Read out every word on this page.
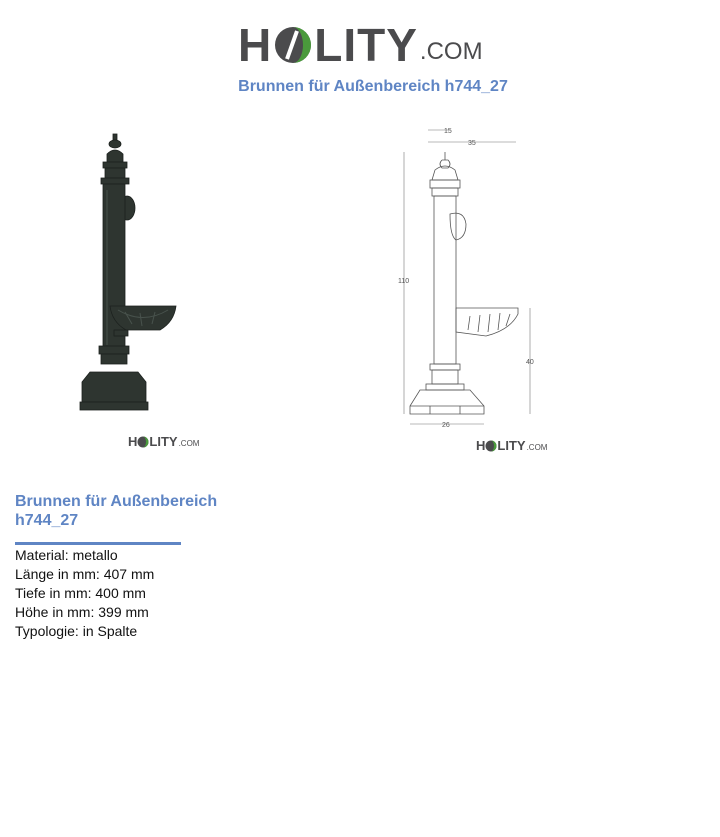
H LITY .COM
Brunnen für Außenbereich h744_27
15
35
110
40
26
H LITY .COM	H LITY .COM
Brunnen für Außenbereich h744_27
Material: metallo
Länge in mm: 407 mm
Tiefe in mm: 400 mm
Höhe in mm: 399 mm
Typologie: in Spalte
